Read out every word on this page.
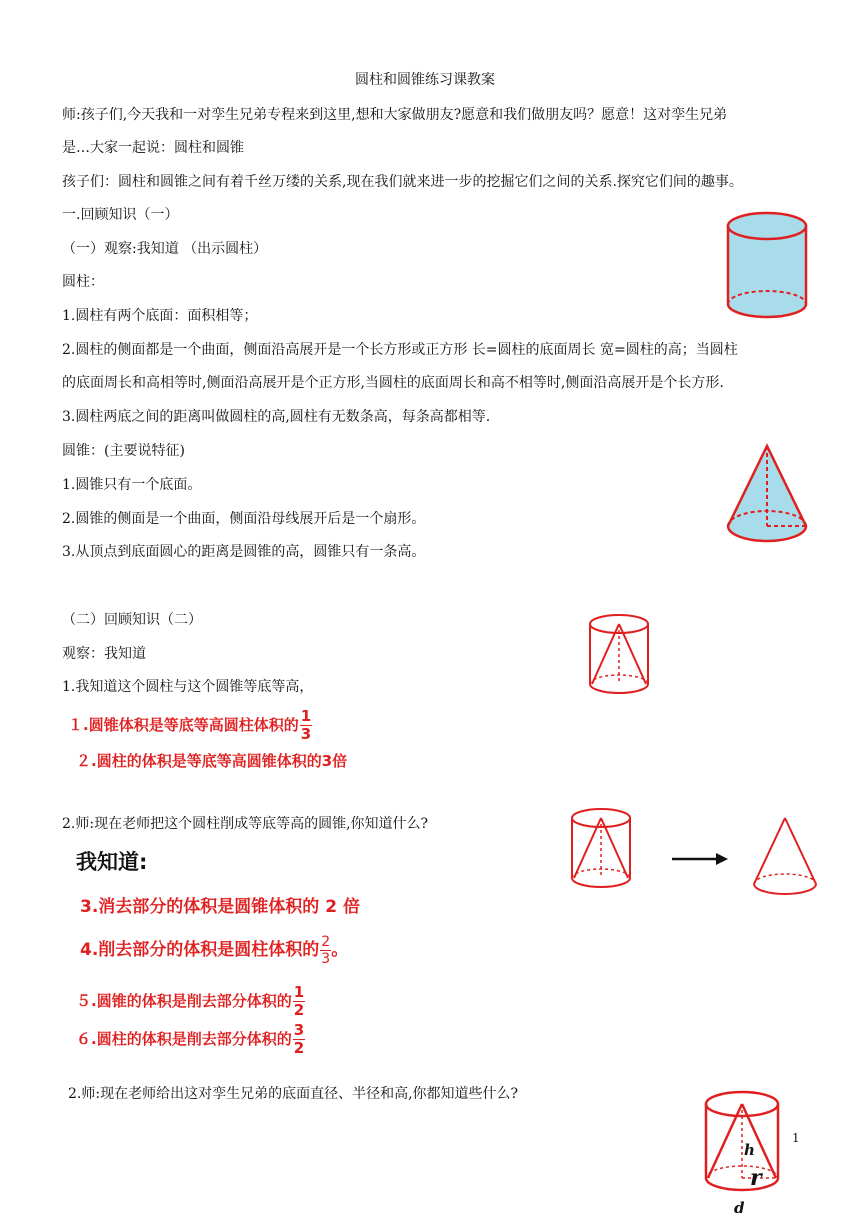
圆柱和圆锥练习课教案
师:孩子们,今天我和一对孪生兄弟专程来到这里,想和大家做朋友?愿意和我们做朋友吗？愿意！这对孪生兄弟
是…大家一起说：圆柱和圆锥
孩子们：圆柱和圆锥之间有着千丝万缕的关系,现在我们就来进一步的挖掘它们之间的关系.探究它们间的趣事。
一.回顾知识（一）
（一）观察:我知道 （出示圆柱）
圆柱：
1.圆柱有两个底面：面积相等；
2.圆柱的侧面都是一个曲面，侧面沿高展开是一个长方形或正方形 长=圆柱的底面周长 宽=圆柱的高；当圆柱
的底面周长和高相等时,侧面沿高展开是个正方形,当圆柱的底面周长和高不相等时,侧面沿高展开是个长方形.
3.圆柱两底之间的距离叫做圆柱的高,圆柱有无数条高，每条高都相等.
圆锥：(主要说特征)
1.圆锥只有一个底面。
2.圆锥的侧面是一个曲面，侧面沿母线展开后是一个扇形。
3.从顶点到底面圆心的距离是圆锥的高，圆锥只有一条高。
（二）回顾知识（二）
观察：我知道
1.我知道这个圆柱与这个圆锥等底等高，
１.圆锥体积是等底等高圆柱体积的 $\frac{1}{3}$
２.圆柱的体积是等底等高圆锥体积的3倍
2.师:现在老师把这个圆柱削成等底等高的圆锥,你知道什么?
我知道:
3.消去部分的体积是圆锥体积的 2 倍
4.削去部分的体积是圆柱体积的 $\frac{2}{3}$ 。
５.圆锥的体积是削去部分体积的 $\frac{1}{2}$
６.圆柱的体积是削去部分体积的 $\frac{3}{2}$
2.师:现在老师给出这对孪生兄弟的底面直径、半径和高,你都知道些什么?
h
r
d
1
